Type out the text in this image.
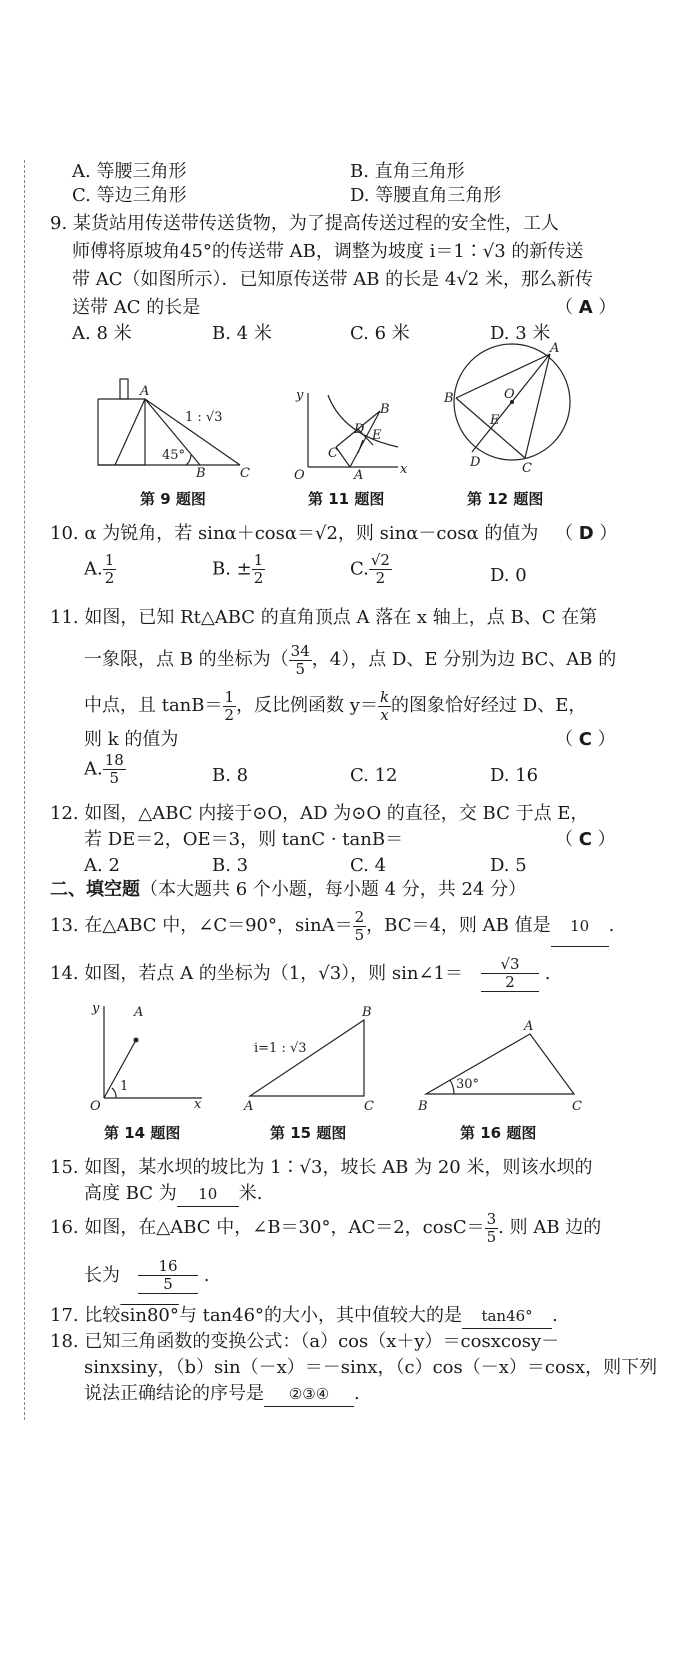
A. 等腰三角形	B. 直角三角形
C. 等边三角形	D. 等腰直角三角形
9. 某货站用传送带传送货物，为了提高传送过程的安全性，工人
师傅将原坡角45°的传送带 AB，调整为坡度 i＝1∶√3 的新传送
带 AC（如图所示）．已知原传送带 AB 的长是 4√2 米，那么新传
送带 AC 的长是	（ A ）
A. 8 米	B. 4 米	C. 6 米	D. 3 米
A
B	C
45°
1 : √3
第 9 题图
y
x
O	A
B
C
D E
第 11 题图
A
B
C
D
E
O
第 12 题图
10. α 为锐角，若 sinα＋cosα＝√2，则 sinα－cosα 的值为 （ D ）
A. $\frac{1}{2}$	B. ± $\frac{1}{2}$	C. $\frac{√2}{2}$	D. 0
11. 如图，已知 Rt△ABC 的直角顶点 A 落在 x 轴上，点 B、C 在第
一象限，点 B 的坐标为（ $\frac{34}{5}$ ，4），点 D、E 分别为边 BC、AB 的
中点，且 $\tan B= \frac{1}{2}$ ，反比例函数 $y= \frac{k}{x}$ 的图象恰好经过 D、E，
则 k 的值为	（ C ）
A. $\frac{18}{5}$	B. 8	C. 12	D. 16
12. 如图，△ABC 内接于⊙O，AD 为⊙O 的直径，交 BC 于点 E，
若 DE＝2，OE＝3，则 tanC · tanB＝	（ C ）
A. 2	B. 3	C. 4	D. 5
二、填空题（本大题共 6 个小题，每小题 4 分，共 24 分）
13. 在△ABC 中，∠C＝90°，$\sin A= \frac{2}{5}$ ，BC＝4，则 AB 值是 10 .
14. 如图，若点 A 的坐标为（1，√3），则 sin∠1＝　 $\frac{√3}{2}$ .
y
x
O
A
1
第 14 题图
A
B
C
i=1 : √3
第 15 题图
B
A
C
30°
第 16 题图
15. 如图，某水坝的坡比为 1∶√3，坡长 AB 为 20 米，则该水坝的
高度 BC 为 10 米.
16. 如图，在△ABC 中，∠B＝30°，AC＝2，$\cos C= \frac{3}{5}$ . 则 AB 边的
长为　 $\frac{16}{5}$ .
17. 比较sin80°与 tan46°的大小，其中值较大的是 tan46° .
18. 已知三角函数的变换公式：（a）cos（x＋y）＝cosxcosy－
sinxsiny，（b）sin（－x）＝－sinx，（c）cos（－x）＝cosx，则下列
说法正确结论的序号是 ②③④ .
